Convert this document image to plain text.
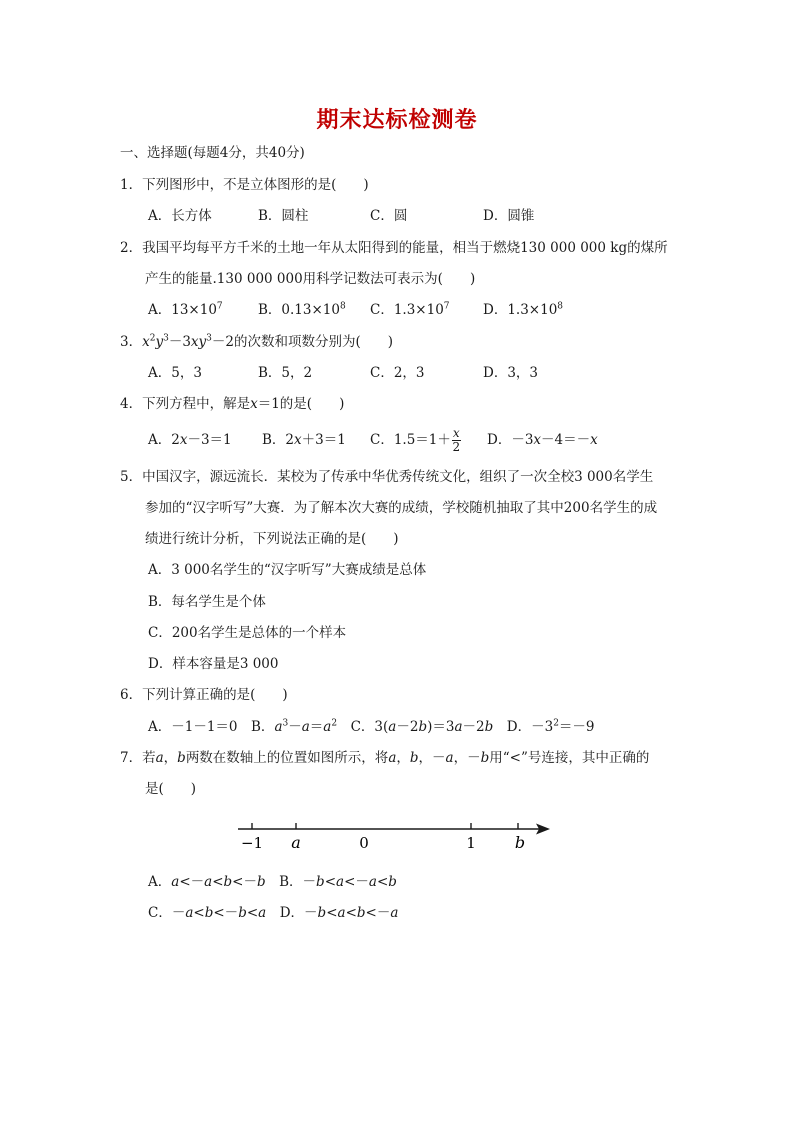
期末达标检测卷
一、选择题(每题4分，共40分)
1．下列图形中，不是立体图形的是(　　)
A．长方体	B．圆柱	C．圆	D．圆锥
2．我国平均每平方千米的土地一年从太阳得到的能量，相当于燃烧130 000 000 kg的煤所
产生的能量.130 000 000用科学记数法可表示为(　　)
A．$13\times 10^7$	B．$0.13\times 10^8$ C．$1.3\times 10^7$ D．$1.3\times 10^8$
3．$x^2y^3-3xy^3-2$的次数和项数分别为(　　)
A．5，3	B．5，2	C．2，3	D．3，3
4．下列方程中，解是x＝1的是(　　)
A．2x－3＝1 B．2x＋3＝1 C．$1.5=1+ \frac{x}{2}$ D．－3x－4＝－x
5．中国汉字，源远流长．某校为了传承中华优秀传统文化，组织了一次全校3 000名学生
参加的“汉字听写”大赛．为了解本次大赛的成绩，学校随机抽取了其中200名学生的成
绩进行统计分析，下列说法正确的是(　　)
A．3 000名学生的“汉字听写”大赛成绩是总体
B．每名学生是个体
C．200名学生是总体的一个样本
D．样本容量是3 000
6．下列计算正确的是(　　)
A．－1－1＝0　B．$a^3-a=a^2$　C．3(a－2b)＝3a－2b　D．$-3^2=-9$
7．若a，b两数在数轴上的位置如图所示，将a，b，－a，－b用“<”号连接，其中正确的
是(　　)
−1 a	0	1 b
A．a<－a<b<－b　B．－b<a<－a<b
C．－a<b<－b<a　D．－b<a<b<－a
